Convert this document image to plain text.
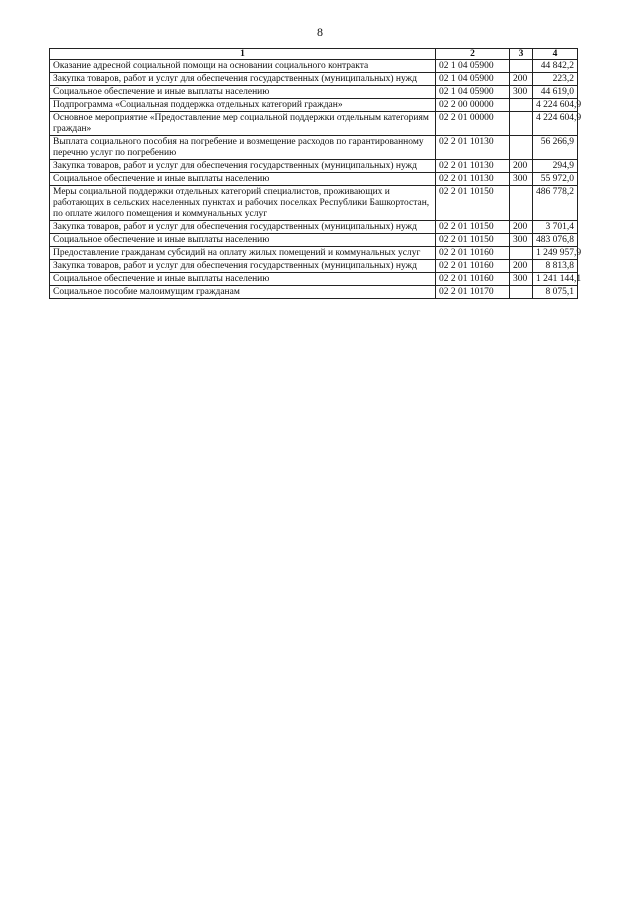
8
1	2	3	4
Оказание адресной социальной помощи на основании социального контракта	02 1 04 05900		44 842,2
Закупка товаров, работ и услуг для обеспечения государственных (муниципальных) нужд	02 1 04 05900	200	223,2
Социальное обеспечение и иные выплаты населению	02 1 04 05900	300	44 619,0
Подпрограмма «Социальная поддержка отдельных категорий граждан»	02 2 00 00000		4 224 604,9
Основное мероприятие «Предоставление мер социальной поддержки отдельным категориям граждан»	02 2 01 00000		4 224 604,9
Выплата социального пособия на погребение и возмещение расходов по гарантированному перечню услуг по погребению	02 2 01 10130		56 266,9
Закупка товаров, работ и услуг для обеспечения государственных (муниципальных) нужд	02 2 01 10130	200	294,9
Социальное обеспечение и иные выплаты населению	02 2 01 10130	300	55 972,0
Меры социальной поддержки отдельных категорий специалистов, проживающих и работающих в сельских населенных пунктах и рабочих поселках Республики Башкортостан, по оплате жилого помещения и коммунальных услуг	02 2 01 10150		486 778,2
Закупка товаров, работ и услуг для обеспечения государственных (муниципальных) нужд	02 2 01 10150	200	3 701,4
Социальное обеспечение и иные выплаты населению	02 2 01 10150	300	483 076,8
Предоставление гражданам субсидий на оплату жилых помещений и коммунальных услуг	02 2 01 10160		1 249 957,9
Закупка товаров, работ и услуг для обеспечения государственных (муниципальных) нужд	02 2 01 10160	200	8 813,8
Социальное обеспечение и иные выплаты населению	02 2 01 10160	300	1 241 144,1
Социальное пособие малоимущим гражданам	02 2 01 10170		8 075,1
